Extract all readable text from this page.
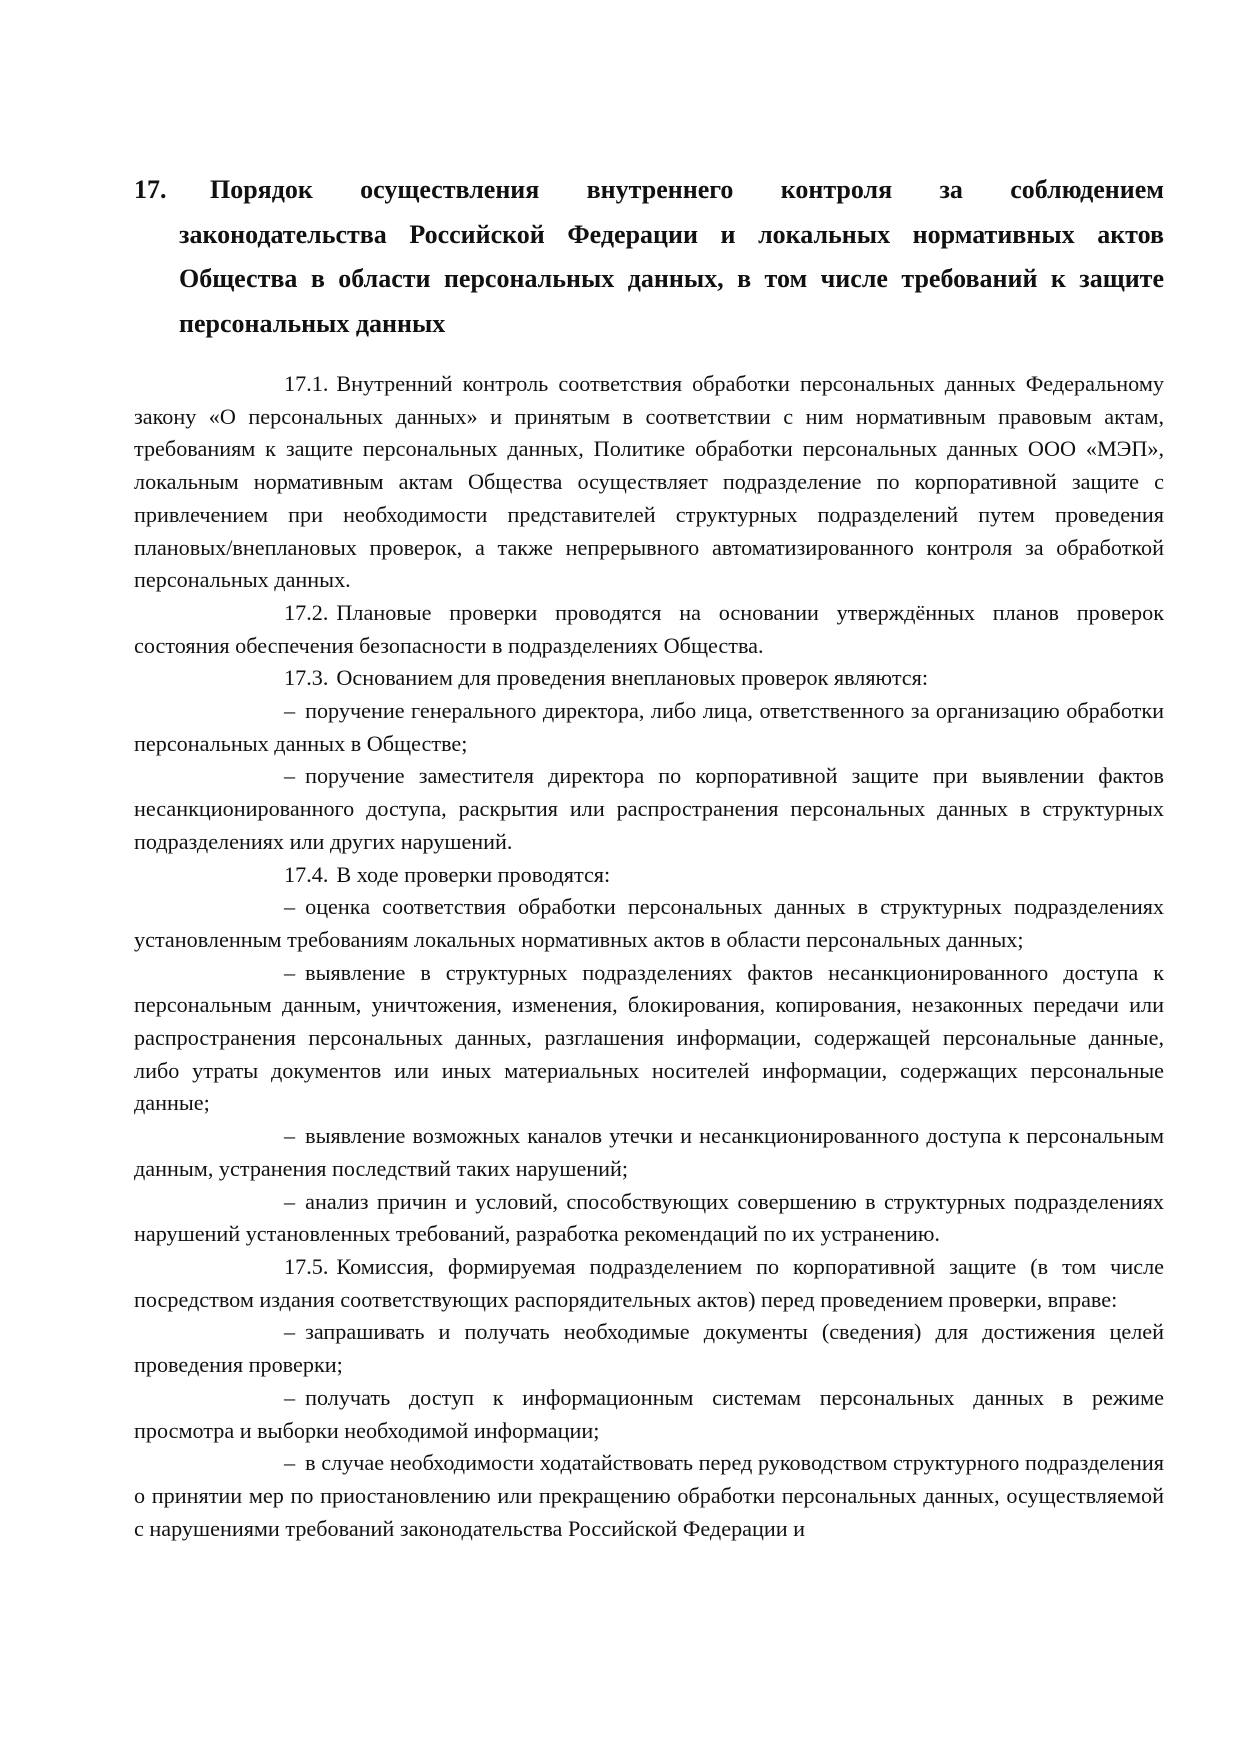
17. Порядок осуществления внутреннего контроля за соблюдением законодательства Российской Федерации и локальных нормативных актов Общества в области персональных данных, в том числе требований к защите персональных данных
17.1. Внутренний контроль соответствия обработки персональных данных Федеральному закону «О персональных данных» и принятым в соответствии с ним нормативным правовым актам, требованиям к защите персональных данных, Политике обработки персональных данных ООО «МЭП», локальным нормативным актам Общества осуществляет подразделение по корпоративной защите с привлечением при необходимости представителей структурных подразделений путем проведения плановых/внеплановых проверок, а также непрерывного автоматизированного контроля за обработкой персональных данных.
17.2. Плановые проверки проводятся на основании утверждённых планов проверок состояния обеспечения безопасности в подразделениях Общества.
17.3. Основанием для проведения внеплановых проверок являются:
– поручение генерального директора, либо лица, ответственного за организацию обработки персональных данных в Обществе;
– поручение заместителя директора по корпоративной защите при выявлении фактов несанкционированного доступа, раскрытия или распространения персональных данных в структурных подразделениях или других нарушений.
17.4. В ходе проверки проводятся:
– оценка соответствия обработки персональных данных в структурных подразделениях установленным требованиям локальных нормативных актов в области персональных данных;
– выявление в структурных подразделениях фактов несанкционированного доступа к персональным данным, уничтожения, изменения, блокирования, копирования, незаконных передачи или распространения персональных данных, разглашения информации, содержащей персональные данные, либо утраты документов или иных материальных носителей информации, содержащих персональные данные;
– выявление возможных каналов утечки и несанкционированного доступа к персональным данным, устранения последствий таких нарушений;
– анализ причин и условий, способствующих совершению в структурных подразделениях нарушений установленных требований, разработка рекомендаций по их устранению.
17.5. Комиссия, формируемая подразделением по корпоративной защите (в том числе посредством издания соответствующих распорядительных актов) перед проведением проверки, вправе:
– запрашивать и получать необходимые документы (сведения) для достижения целей проведения проверки;
– получать доступ к информационным системам персональных данных в режиме просмотра и выборки необходимой информации;
– в случае необходимости ходатайствовать перед руководством структурного подразделения о принятии мер по приостановлению или прекращению обработки персональных данных, осуществляемой с нарушениями требований законодательства Российской Федерации и
